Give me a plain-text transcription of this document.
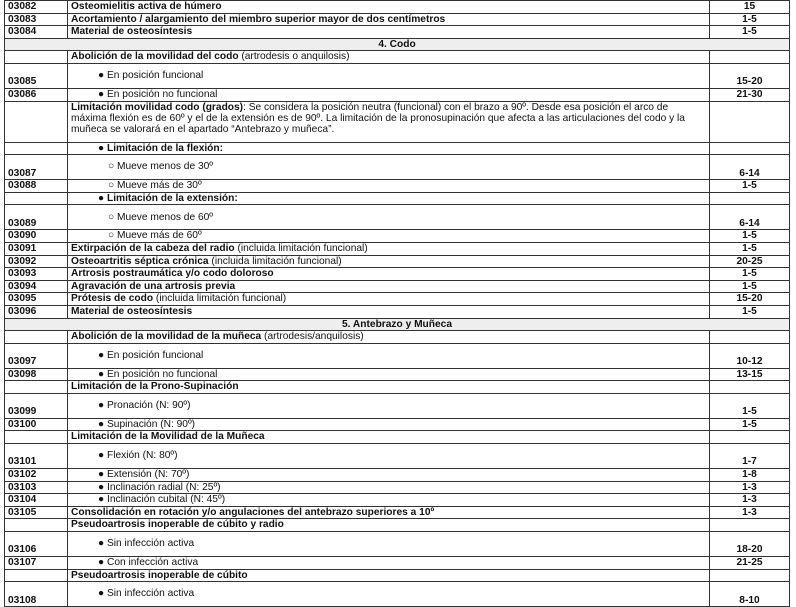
03082	Osteomielitis activa de húmero	15
03083	Acortamiento / alargamiento del miembro superior mayor de dos centímetros	1-5
03084	Material de osteosíntesis	1-5
4. Codo		
	Abolición de la movilidad del codo (artrodesis o anquilosis)	
03085	● En posición funcional	15-20
03086	● En posición no funcional	21-30
	Limitación movilidad codo (grados): Se considera la posición neutra (funcional) con el brazo a 90º. Desde esa posición el arco de máxima flexión es de 60º y el de la extensión es de 90º. La limitación de la pronosupinación que afecta a las articulaciones del codo y la muñeca se valorará en el apartado “Antebrazo y muñeca”.	
	● Limitación de la flexión:	
03087	○ Mueve menos de 30º	6-14
03088	○ Mueve más de 30º	1-5
	● Limitación de la extensión:	
03089	○ Mueve menos de 60º	6-14
03090	○ Mueve más de 60º	1-5
03091	Extirpación de la cabeza del radio (incluida limitación funcional)	1-5
03092	Osteoartritis séptica crónica (incluida limitación funcional)	20-25
03093	Artrosis postraumática y/o codo doloroso	1-5
03094	Agravación de una artrosis previa	1-5
03095	Prótesis de codo (incluida limitación funcional)	15-20
03096	Material de osteosíntesis	1-5
5. Antebrazo y Muñeca		
	Abolición de la movilidad de la muñeca (artrodesis/anquilosis)	
03097	● En posición funcional	10-12
03098	● En posición no funcional	13-15
	Limitación de la Prono-Supinación	
03099	● Pronación (N: 90º)	1-5
03100	● Supinación (N: 90º)	1-5
	Limitación de la Movilidad de la Muñeca	
03101	● Flexión (N: 80º)	1-7
03102	● Extensión (N: 70º)	1-8
03103	● Inclinación radial (N: 25º)	1-3
03104	● Inclinación cubital (N: 45º)	1-3
03105	Consolidación en rotación y/o angulaciones del antebrazo superiores a 10º	1-3
	Pseudoartrosis inoperable de cúbito y radio	
03106	● Sin infección activa	18-20
03107	● Con infección activa	21-25
	Pseudoartrosis inoperable de cúbito	
03108	● Sin infección activa	8-10
